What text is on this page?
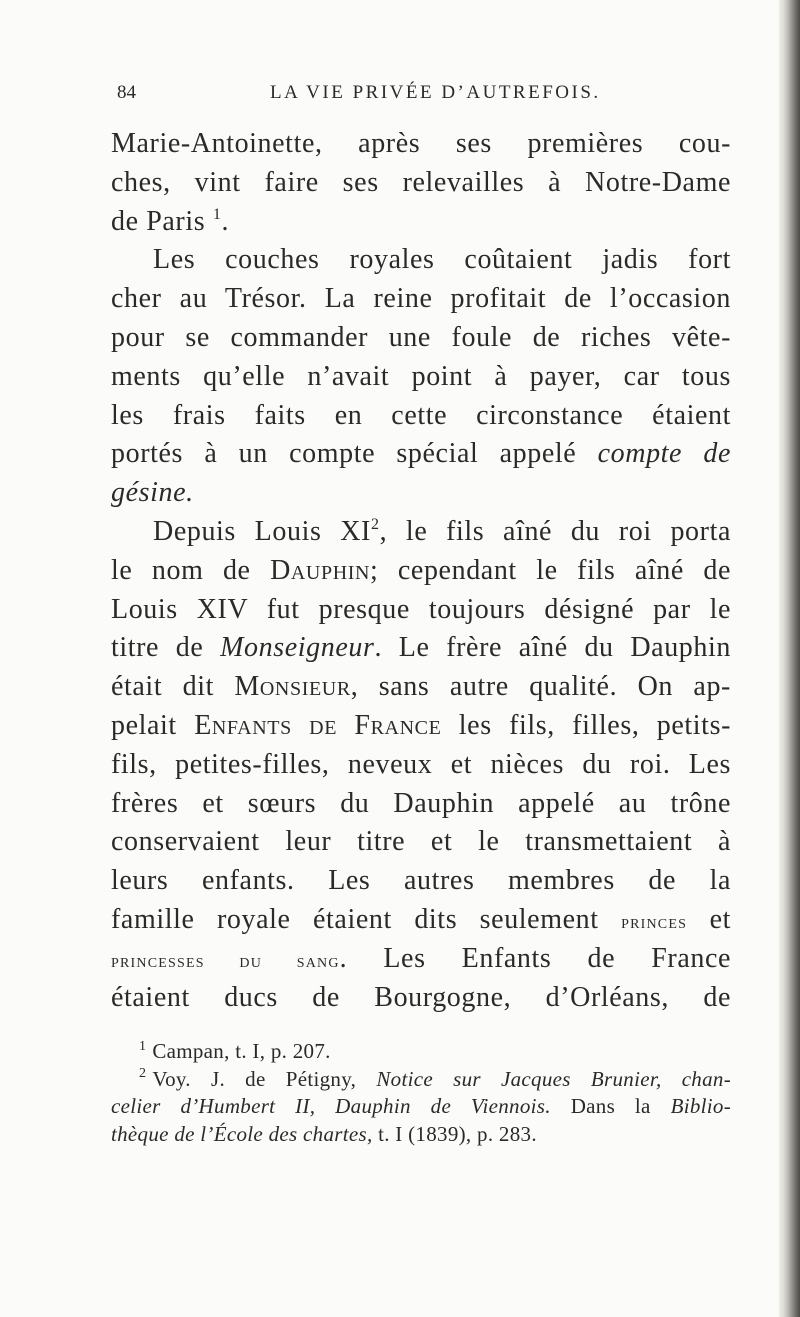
84	LA VIE PRIVÉE D’AUTREFOIS.
Marie-Antoinette, après ses premières cou-
ches, vint faire ses relevailles à Notre-Dame
de Paris $^1$.
Les couches royales coûtaient jadis fort
cher au Trésor. La reine profitait de l’occasion
pour se commander une foule de riches vête-
ments qu’elle n’avait point à payer, car tous
les frais faits en cette circonstance étaient
portés à un compte spécial appelé compte de
gésine.
Depuis Louis $XI^2$, le fils aîné du roi porta
le nom de Dauphin; cependant le fils aîné de
Louis XIV fut presque toujours désigné par le
titre de Monseigneur. Le frère aîné du Dauphin
était dit Monsieur, sans autre qualité. On ap-
pelait Enfants de France les fils, filles, petits-
fils, petites-filles, neveux et nièces du roi. Les
frères et sœurs du Dauphin appelé au trône
conservaient leur titre et le transmettaient à
leurs enfants. Les autres membres de la
famille royale étaient dits seulement princes et
princesses du sang. Les Enfants de France
étaient ducs de Bourgogne, d’Orléans, de
$^1$ Campan, t. I, p. 207.
$^2$ Voy. J. de Pétigny, Notice sur Jacques Brunier, chan-
celier d’Humbert II, Dauphin de Viennois. Dans la Biblio-
thèque de l’École des chartes, t. I (1839), p. 283.
